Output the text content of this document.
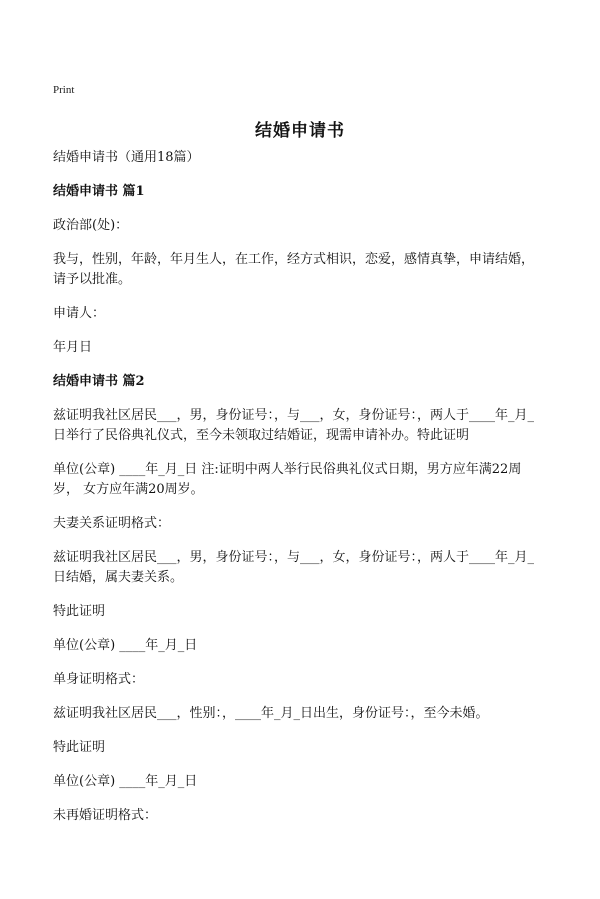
Print
结婚申请书

结婚申请书（通用18篇）

结婚申请书 篇1

政治部(处)：

我与，性别，年龄，年月生人，在工作，经方式相识，恋爱，感情真挚，申请结婚，请予以批准。

申请人：

年月日

结婚申请书 篇2

兹证明我社区居民___，男，身份证号：，与___，女，身份证号：，两人于____年_月_日举行了民俗典礼仪式，至今未领取过结婚证，现需申请补办。特此证明

单位(公章) ____年_月_日 注:证明中两人举行民俗典礼仪式日期，男方应年满22周岁， 女方应年满20周岁。

夫妻关系证明格式：

兹证明我社区居民___，男，身份证号：，与___，女，身份证号：，两人于____年_月_日结婚，属夫妻关系。

特此证明

单位(公章) ____年_月_日

单身证明格式：

兹证明我社区居民___，性别：，____年_月_日出生，身份证号：，至今未婚。

特此证明

单位(公章) ____年_月_日

未再婚证明格式：
